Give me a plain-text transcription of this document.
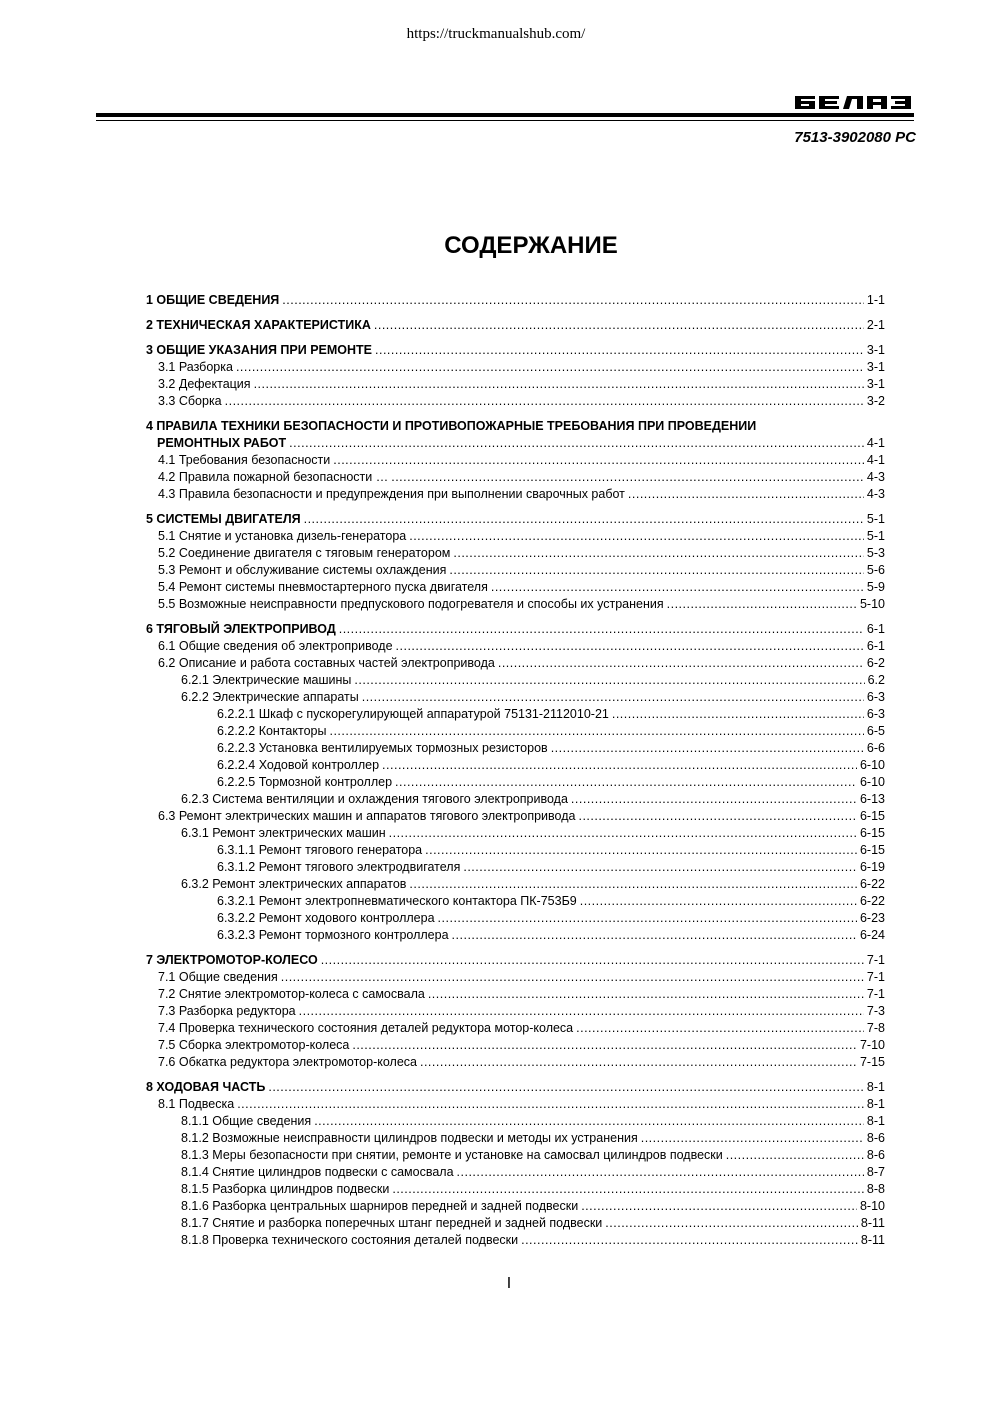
https://truckmanualshub.com/
7513-3902080 РС
СОДЕРЖАНИЕ
1 ОБЩИЕ СВЕДЕНИЯ .....	1-1
2 ТЕХНИЧЕСКАЯ ХАРАКТЕРИСТИКА .....	2-1
3 ОБЩИЕ УКАЗАНИЯ ПРИ РЕМОНТЕ .....	3-1
3.1 Разборка .....	3-1
3.2 Дефектация .....	3-1
3.3 Сборка .....	3-2
4 ПРАВИЛА ТЕХНИКИ БЕЗОПАСНОСТИ И ПРОТИВОПОЖАРНЫЕ ТРЕБОВАНИЯ ПРИ ПРОВЕДЕНИИ
РЕМОНТНЫХ РАБОТ .....	4-1
4.1 Требования безопасности .....	4-1
4.2 Правила пожарной безопасности … .....	4-3
4.3 Правила безопасности и предупреждения при выполнении сварочных работ .....	4-3
5 СИСТЕМЫ ДВИГАТЕЛЯ .....	5-1
5.1 Снятие и установка дизель-генератора .....	5-1
5.2 Соединение двигателя с тяговым генератором .....	5-3
5.3 Ремонт и обслуживание системы охлаждения .....	5-6
5.4 Ремонт системы пневмостартерного пуска двигателя .....	5-9
5.5 Возможные неисправности предпускового подогревателя и способы их устранения .....	5-10
6 ТЯГОВЫЙ ЭЛЕКТРОПРИВОД .....	6-1
6.1 Общие сведения об электроприводе .....	6-1
6.2 Описание и работа составных частей электропривода .....	6-2
6.2.1 Электрические машины .....	6.2
6.2.2 Электрические аппараты .....	6-3
6.2.2.1 Шкаф с пускорегулирующей аппаратурой 75131-2112010-21 .....	6-3
6.2.2.2 Контакторы .....	6-5
6.2.2.3 Установка вентилируемых тормозных резисторов .....	6-6
6.2.2.4 Ходовой контроллер .....	6-10
6.2.2.5 Тормозной контроллер .....	6-10
6.2.3 Система вентиляции и охлаждения тягового электропривода .....	6-13
6.3 Ремонт электрических машин и аппаратов тягового электропривода .....	6-15
6.3.1 Ремонт электрических машин .....	6-15
6.3.1.1 Ремонт тягового генератора .....	6-15
6.3.1.2 Ремонт тягового электродвигателя .....	6-19
6.3.2 Ремонт электрических аппаратов .....	6-22
6.3.2.1 Ремонт электропневматического контактора ПК-753Б9 .....	6-22
6.3.2.2 Ремонт ходового контроллера .....	6-23
6.3.2.3 Ремонт тормозного контроллера .....	6-24
7 ЭЛЕКТРОМОТОР-КОЛЕСО .....	7-1
7.1 Общие сведения .....	7-1
7.2 Снятие электромотор-колеса с самосвала .....	7-1
7.3 Разборка редуктора .....	7-3
7.4 Проверка технического состояния деталей редуктора мотор-колеса .....	7-8
7.5 Сборка электромотор-колеса .....	7-10
7.6 Обкатка редуктора электромотор-колеса .....	7-15
8 ХОДОВАЯ ЧАСТЬ .....	8-1
8.1 Подвеска .....	8-1
8.1.1 Общие сведения .....	8-1
8.1.2 Возможные неисправности цилиндров подвески и методы их устранения .....	8-6
8.1.3 Меры безопасности при снятии, ремонте и установке на самосвал цилиндров подвески .....	8-6
8.1.4 Снятие цилиндров подвески с самосвала .....	8-7
8.1.5 Разборка цилиндров подвески .....	8-8
8.1.6 Разборка центральных шарниров передней и задней подвески .....	8-10
8.1.7 Снятие и разборка поперечных штанг передней и задней подвески .....	8-11
8.1.8 Проверка технического состояния деталей подвески .....	8-11
I
